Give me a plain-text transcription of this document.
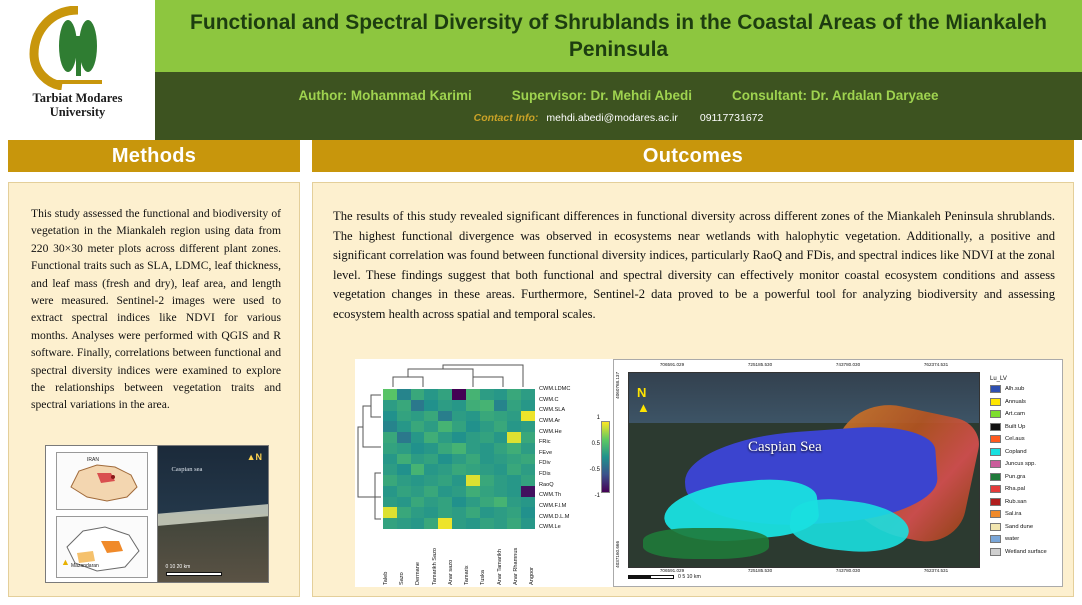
Tarbiat Modares
University
Functional and Spectral Diversity of Shrublands in the Coastal Areas of the Miankaleh Peninsula
Author: Mohammad Karimi	Supervisor: Dr. Mehdi Abedi	Consultant: Dr. Ardalan Daryaee
Contact Info: mehdi.abedi@modares.ac.ir 09117731672
Methods	Outcomes
This study assessed the functional and biodiversity of vegetation in the Miankaleh region using data from 220 30×30 meter plots across different plant zones. Functional traits such as SLA, LDMC, leaf thickness, and leaf mass (fresh and dry), leaf area, and length were measured. Sentinel-2 images were used to extract spectral indices like NDVI for various months. Analyses were performed with QGIS and R software. Finally, correlations between functional and spectral diversity indices were examined to explore the relationships between vegetation traits and spectral variations in the area.
IRAN
Mazandaran
▲
Caspian sea
▲N
0 10 20 km
The results of this study revealed significant differences in functional diversity across different zones of the Miankaleh Peninsula shrublands. The highest functional divergence was observed in ecosystems near wetlands with halophytic vegetation. Additionally, a positive and significant correlation was found between functional diversity indices, particularly RaoQ and FDis, and spectral indices like NDVI at the zonal level. These findings suggest that both functional and spectral diversity can effectively monitor coastal ecosystem conditions and assess vegetation changes in these areas. Furthermore, Sentinel-2 data proved to be a powerful tool for analyzing biodiversity and assessing ecosystem health across spatial and temporal scales.
CWM.LDMC
CWM.C
CWM.SLA
CWM.Ar
CWM.He
FRic
FEve
FDiv
FDis
RaoQ
CWM.Th
CWM.F.l.M
CWM.D.L.M
CWM.Le
Taleb Sazo Dermane Tamarikh Sazo Anar sazo Tamarix Tuska Anar Tamarikh Anar Rhamnus Angoor
1
0.5
-0.5
-1
706591.029	725185.530	743780.030	762374.531
706591.029	725185.530	743780.030	762374.531
4060768.137
4037160.666
Caspian Sea
N
▲
0 5 10 km
Lu_LV
Alh.sub
Annuals
Art.cam
Built Up
Cel.aus
Copland
Juncus spp.
Pun.gra
Rha.pal
Rub.san
Sal.ira
Sand dune
water
Wetland surface
